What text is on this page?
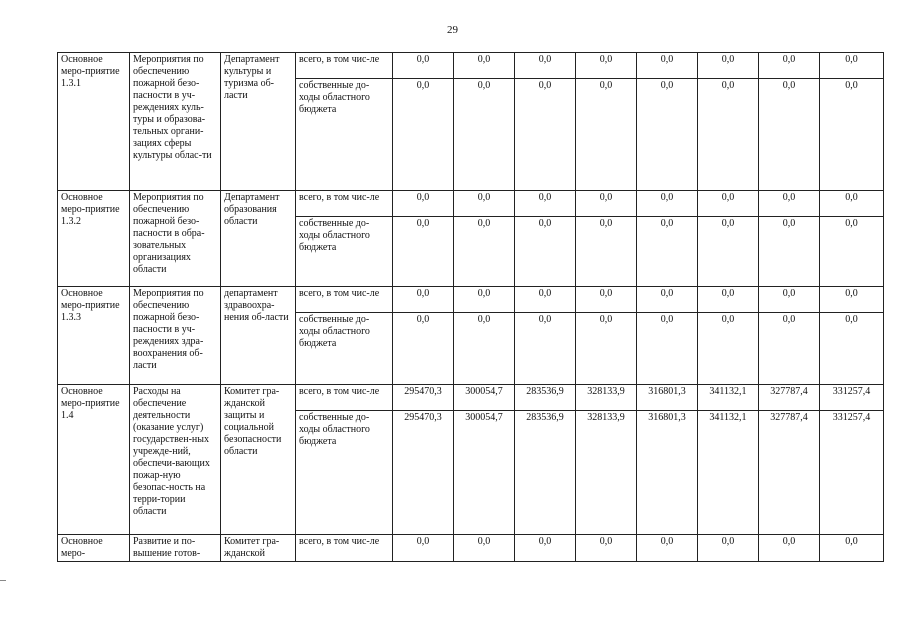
29
Основное меро-приятие 1.3.1	Мероприятия по обеспечению пожарной безо-пасности в уч-реждениях куль-туры и образова-тельных органи-зациях сферы культуры облас-ти	Департамент культуры и туризма об-ласти	всего, в том чис-ле	0,0	0,0	0,0	0,0	0,0	0,0	0,0	0,0
			собственные до-ходы областного бюджета	0,0	0,0	0,0	0,0	0,0	0,0	0,0	0,0
Основное меро-приятие 1.3.2	Мероприятия по обеспечению пожарной безо-пасности в обра-зовательных организациях области	Департамент образования области	всего, в том чис-ле	0,0	0,0	0,0	0,0	0,0	0,0	0,0	0,0
			собственные до-ходы областного бюджета	0,0	0,0	0,0	0,0	0,0	0,0	0,0	0,0
Основное меро-приятие 1.3.3	Мероприятия по обеспечению пожарной безо-пасности в уч-реждениях здра-воохранения об-ласти	департамент здравоохра-нения об-ласти	всего, в том чис-ле	0,0	0,0	0,0	0,0	0,0	0,0	0,0	0,0
			собственные до-ходы областного бюджета	0,0	0,0	0,0	0,0	0,0	0,0	0,0	0,0
Основное меро-приятие 1.4	Расходы на обеспечение деятельности (оказание услуг) государствен-ных учрежде-ний, обеспечи-вающих пожар-ную безопас-ность на терри-тории области	Комитет гра-жданской защиты и социальной безопасности области	всего, в том чис-ле	295470,3	300054,7	283536,9	328133,9	316801,3	341132,1	327787,4	331257,4
			собственные до-ходы областного бюджета	295470,3	300054,7	283536,9	328133,9	316801,3	341132,1	327787,4	331257,4
Основное меро-	Развитие и по-вышение готов-	Комитет гра-жданской	всего, в том чис-ле	0,0	0,0	0,0	0,0	0,0	0,0	0,0	0,0
